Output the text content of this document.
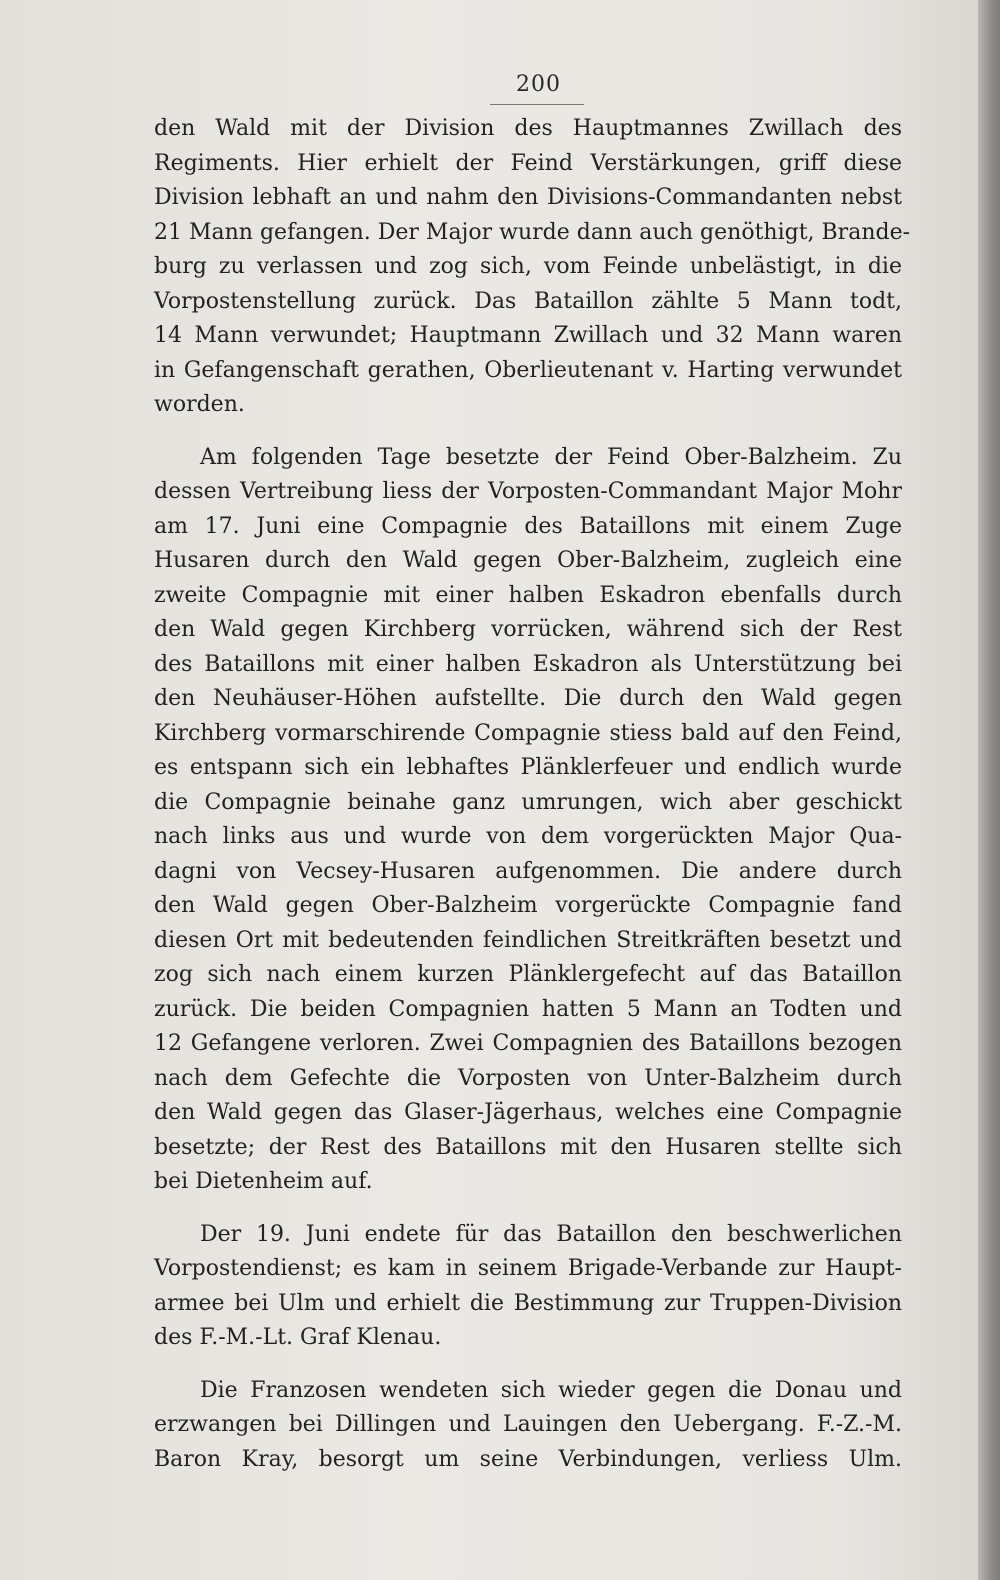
200
den Wald mit der Division des Hauptmannes Zwillach des
Regiments. Hier erhielt der Feind Verstärkungen, griff diese
Division lebhaft an und nahm den Divisions-Commandanten nebst
21 Mann gefangen. Der Major wurde dann auch genöthigt, Brande-
burg zu verlassen und zog sich, vom Feinde unbelästigt, in die
Vorpostenstellung zurück. Das Bataillon zählte 5 Mann todt,
14 Mann verwundet; Hauptmann Zwillach und 32 Mann waren
in Gefangenschaft gerathen, Oberlieutenant v. Harting verwundet
worden.
Am folgenden Tage besetzte der Feind Ober-Balzheim. Zu
dessen Vertreibung liess der Vorposten-Commandant Major Mohr
am 17. Juni eine Compagnie des Bataillons mit einem Zuge
Husaren durch den Wald gegen Ober-Balzheim, zugleich eine
zweite Compagnie mit einer halben Eskadron ebenfalls durch
den Wald gegen Kirchberg vorrücken, während sich der Rest
des Bataillons mit einer halben Eskadron als Unterstützung bei
den Neuhäuser-Höhen aufstellte. Die durch den Wald gegen
Kirchberg vormarschirende Compagnie stiess bald auf den Feind,
es entspann sich ein lebhaftes Plänklerfeuer und endlich wurde
die Compagnie beinahe ganz umrungen, wich aber geschickt
nach links aus und wurde von dem vorgerückten Major Qua-
dagni von Vecsey-Husaren aufgenommen. Die andere durch
den Wald gegen Ober-Balzheim vorgerückte Compagnie fand
diesen Ort mit bedeutenden feindlichen Streitkräften besetzt und
zog sich nach einem kurzen Plänklergefecht auf das Bataillon
zurück. Die beiden Compagnien hatten 5 Mann an Todten und
12 Gefangene verloren. Zwei Compagnien des Bataillons bezogen
nach dem Gefechte die Vorposten von Unter-Balzheim durch
den Wald gegen das Glaser-Jägerhaus, welches eine Compagnie
besetzte; der Rest des Bataillons mit den Husaren stellte sich
bei Dietenheim auf.
Der 19. Juni endete für das Bataillon den beschwerlichen
Vorpostendienst; es kam in seinem Brigade-Verbande zur Haupt-
armee bei Ulm und erhielt die Bestimmung zur Truppen-Division
des F.-M.-Lt. Graf Klenau.
Die Franzosen wendeten sich wieder gegen die Donau und
erzwangen bei Dillingen und Lauingen den Uebergang. F.-Z.-M.
Baron Kray, besorgt um seine Verbindungen, verliess Ulm.
